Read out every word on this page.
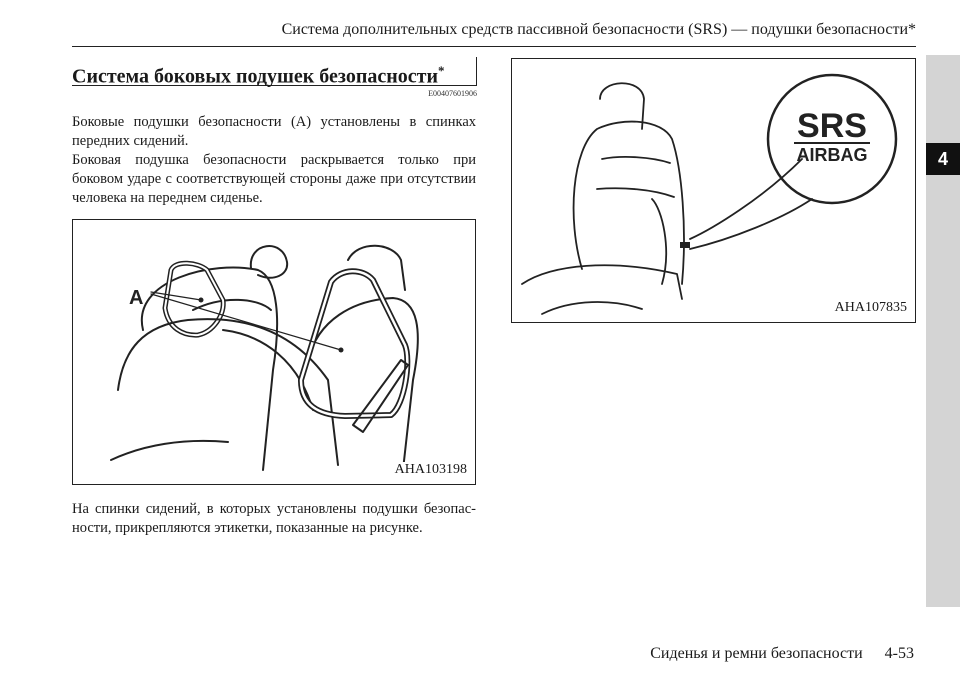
Система дополнительных средств пассивной безопасности (SRS) — подушки безопасности*
4
Система боковых подушек безопасности*
E00407601906

Боковые подушки безопасности (А) установлены в спинках передних сидений.

Боковая подушка безопасности раскрывается только при боковом ударе с соответствующей стороны даже при отсутствии человека на переднем сиденье.

A
AHA103198

На спинки сидений, в которых установлены подушки безопас-ности, прикрепляются этикетки, показанные на рисунке.

SRS
AIRBAG
AHA107835
Сиденья и ремни безопасности 4-53
